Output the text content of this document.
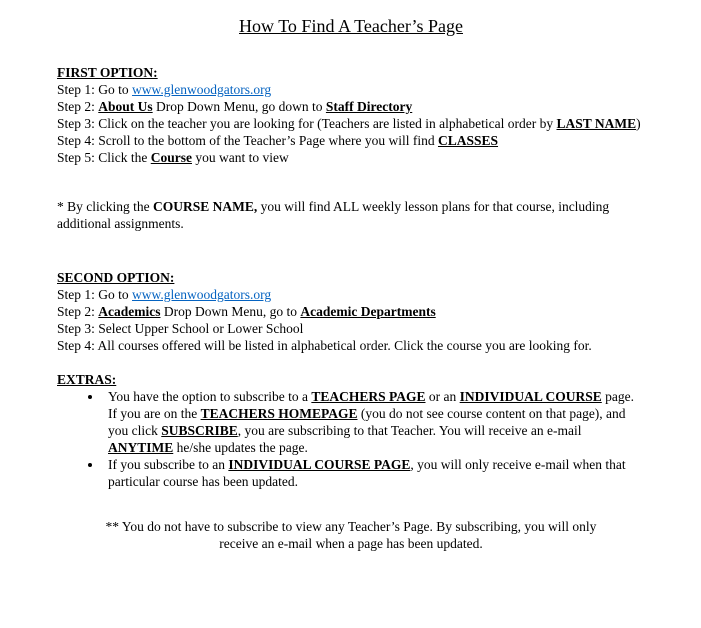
How To Find A Teacher’s Page
FIRST OPTION:

Step 1: Go to www.glenwoodgators.org

Step 2: About Us Drop Down Menu, go down to Staff Directory

Step 3: Click on the teacher you are looking for (Teachers are listed in alphabetical order by LAST NAME)

Step 4: Scroll to the bottom of the Teacher’s Page where you will find CLASSES

Step 5: Click the Course you want to view

* By clicking the COURSE NAME, you will find ALL weekly lesson plans for that course, including additional assignments.

SECOND OPTION:

Step 1: Go to www.glenwoodgators.org

Step 2: Academics Drop Down Menu, go to Academic Departments

Step 3: Select Upper School or Lower School

Step 4: All courses offered will be listed in alphabetical order. Click the course you are looking for.

EXTRAS:
• You have the option to subscribe to a TEACHERS PAGE or an INDIVIDUAL COURSE page. If you are on the TEACHERS HOMEPAGE (you do not see course content on that page), and you click SUBSCRIBE, you are subscribing to that Teacher. You will receive an e-mail ANYTIME he/she updates the page.
• If you subscribe to an INDIVIDUAL COURSE PAGE, you will only receive e-mail when that particular course has been updated.

** You do not have to subscribe to view any Teacher’s Page. By subscribing, you will only receive an e-mail when a page has been updated.
